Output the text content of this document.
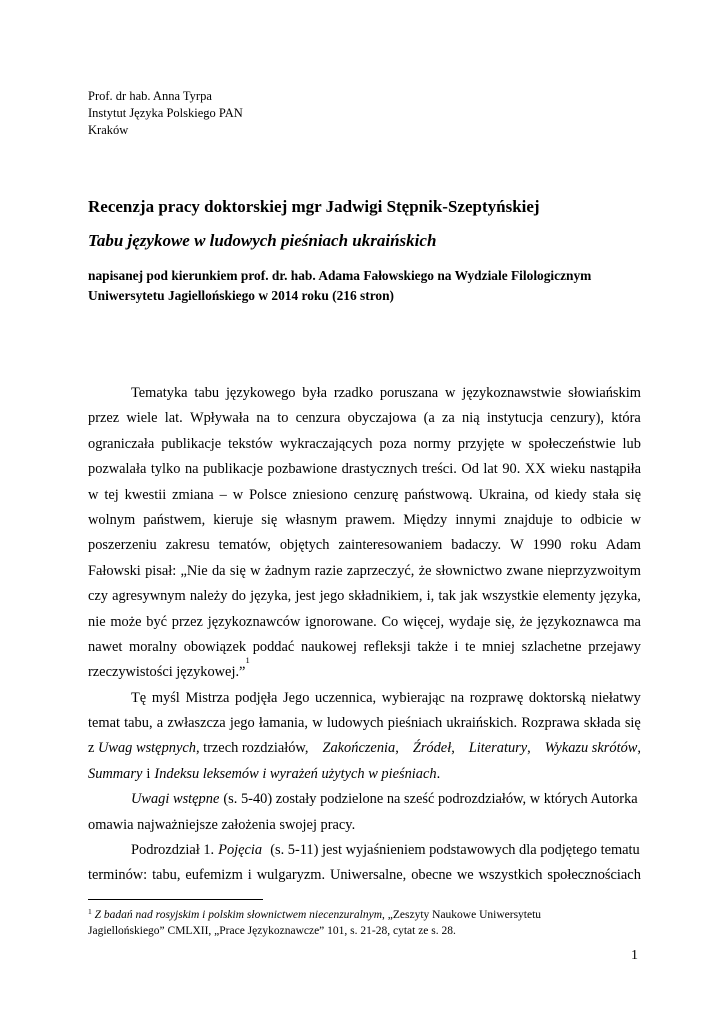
Prof. dr hab. Anna Tyrpa
Instytut Języka Polskiego PAN
Kraków
Recenzja pracy doktorskiej mgr Jadwigi Stępnik-Szeptyńskiej
Tabu językowe w ludowych pieśniach ukraińskich
napisanej pod kierunkiem prof. dr. hab. Adama Fałowskiego na Wydziale Filologicznym
Uniwersytetu Jagiellońskiego w 2014 roku (216 stron)
Tematyka tabu językowego była rzadko poruszana w językoznawstwie słowiańskim
przez wiele lat. Wpływała na to cenzura obyczajowa (a za nią instytucja cenzury), która
ograniczała publikacje tekstów wykraczających poza normy przyjęte w społeczeństwie lub
pozwalała tylko na publikacje pozbawione drastycznych treści. Od lat 90. XX wieku nastąpiła
w tej kwestii zmiana – w Polsce zniesiono cenzurę państwową. Ukraina, od kiedy stała się
wolnym państwem, kieruje się własnym prawem. Między innymi znajduje to odbicie w
poszerzeniu zakresu tematów, objętych zainteresowaniem badaczy. W 1990 roku Adam
Fałowski pisał: „Nie da się w żadnym razie zaprzeczyć, że słownictwo zwane nieprzyzwoitym
czy agresywnym należy do języka, jest jego składnikiem, i, tak jak wszystkie elementy języka,
nie może być przez językoznawców ignorowane. Co więcej, wydaje się, że językoznawca ma
nawet moralny obowiązek poddać naukowej refleksji także i te mniej szlachetne przejawy
rzeczywistości językowej.”
1
Tę myśl Mistrza podjęła Jego uczennica, wybierając na rozprawę doktorską niełatwy
temat tabu, a zwłaszcza jego łamania, w ludowych pieśniach ukraińskich. Rozprawa składa się
z Uwag wstępnych, trzech rozdziałów, Zakończenia, Źródeł, Literatury, Wykazu skrótów,
Summary i Indeksu leksemów i wyrażeń użytych w pieśniach .
Uwagi wstępne (s. 5-40) zostały podzielone na sześć podrozdziałów, w których Autorka
omawia najważniejsze założenia swojej pracy.
Podrozdział 1. Pojęcia (s. 5-11) jest wyjaśnieniem podstawowych dla podjętego tematu
terminów: tabu, eufemizm i wulgaryzm. Uniwersalne, obecne we wszystkich społecznościach
$^1$ Z badań nad rosyjskim i polskim słownictwem niecenzuralnym, „Zeszyty Naukowe Uniwersytetu
Jagiellońskiego” CMLXII, „Prace Językoznawcze” 101, s. 21-28, cytat ze s. 28.
1
